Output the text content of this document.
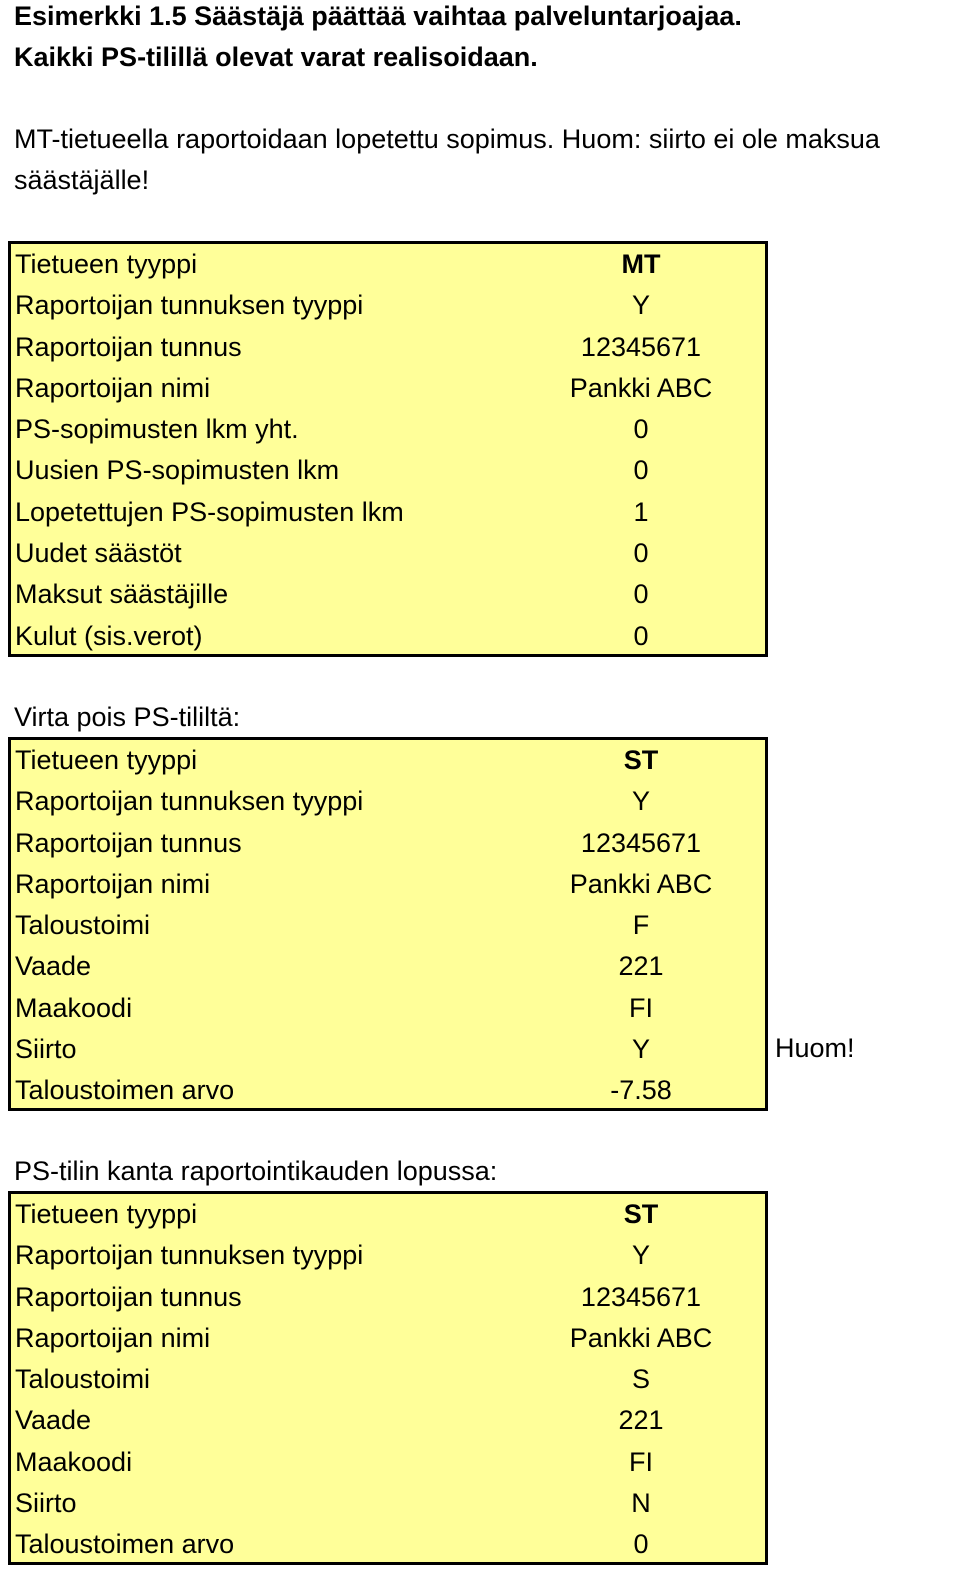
Esimerkki 1.5 Säästäjä päättää vaihtaa palveluntarjoajaa.
Kaikki PS-tilillä olevat varat realisoidaan.
MT-tietueella raportoidaan lopetettu sopimus. Huom: siirto ei ole maksua
säästäjälle!
Tietueen tyyppi	MT
Raportoijan tunnuksen tyyppi	Y
Raportoijan tunnus	12345671
Raportoijan nimi	Pankki ABC
PS-sopimusten lkm yht.	0
Uusien PS-sopimusten lkm	0
Lopetettujen PS-sopimusten lkm	1
Uudet säästöt	0
Maksut säästäjille	0
Kulut (sis.verot)	0
Virta pois PS-tililtä:
Tietueen tyyppi	ST
Raportoijan tunnuksen tyyppi	Y
Raportoijan tunnus	12345671
Raportoijan nimi	Pankki ABC
Taloustoimi	F
Vaade	221
Maakoodi	FI
Siirto	Y
Taloustoimen arvo	-7.58
Huom!
PS-tilin kanta raportointikauden lopussa:
Tietueen tyyppi	ST
Raportoijan tunnuksen tyyppi	Y
Raportoijan tunnus	12345671
Raportoijan nimi	Pankki ABC
Taloustoimi	S
Vaade	221
Maakoodi	FI
Siirto	N
Taloustoimen arvo	0
